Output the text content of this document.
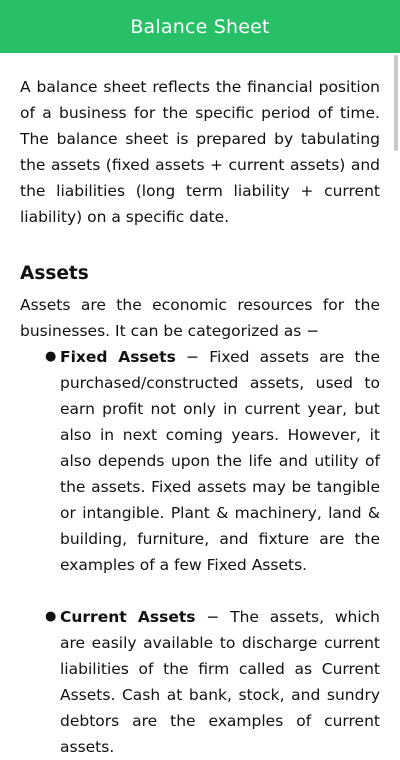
Balance Sheet

A balance sheet reflects the financial position of a business for the specific period of time. The balance sheet is prepared by tabulating the assets (fixed assets + current assets) and the liabilities (long term liability + current liability) on a specific date.

Assets

Assets are the economic resources for the businesses. It can be categorized as −

● Fixed Assets − Fixed assets are the purchased/constructed assets, used to earn profit not only in current year, but also in next coming years. However, it also depends upon the life and utility of the assets. Fixed assets may be tangible or intangible. Plant & machinery, land & building, furniture, and fixture are the examples of a few Fixed Assets.
● Current Assets − The assets, which are easily available to discharge current liabilities of the firm called as Current Assets. Cash at bank, stock, and sundry debtors are the examples of current assets.
